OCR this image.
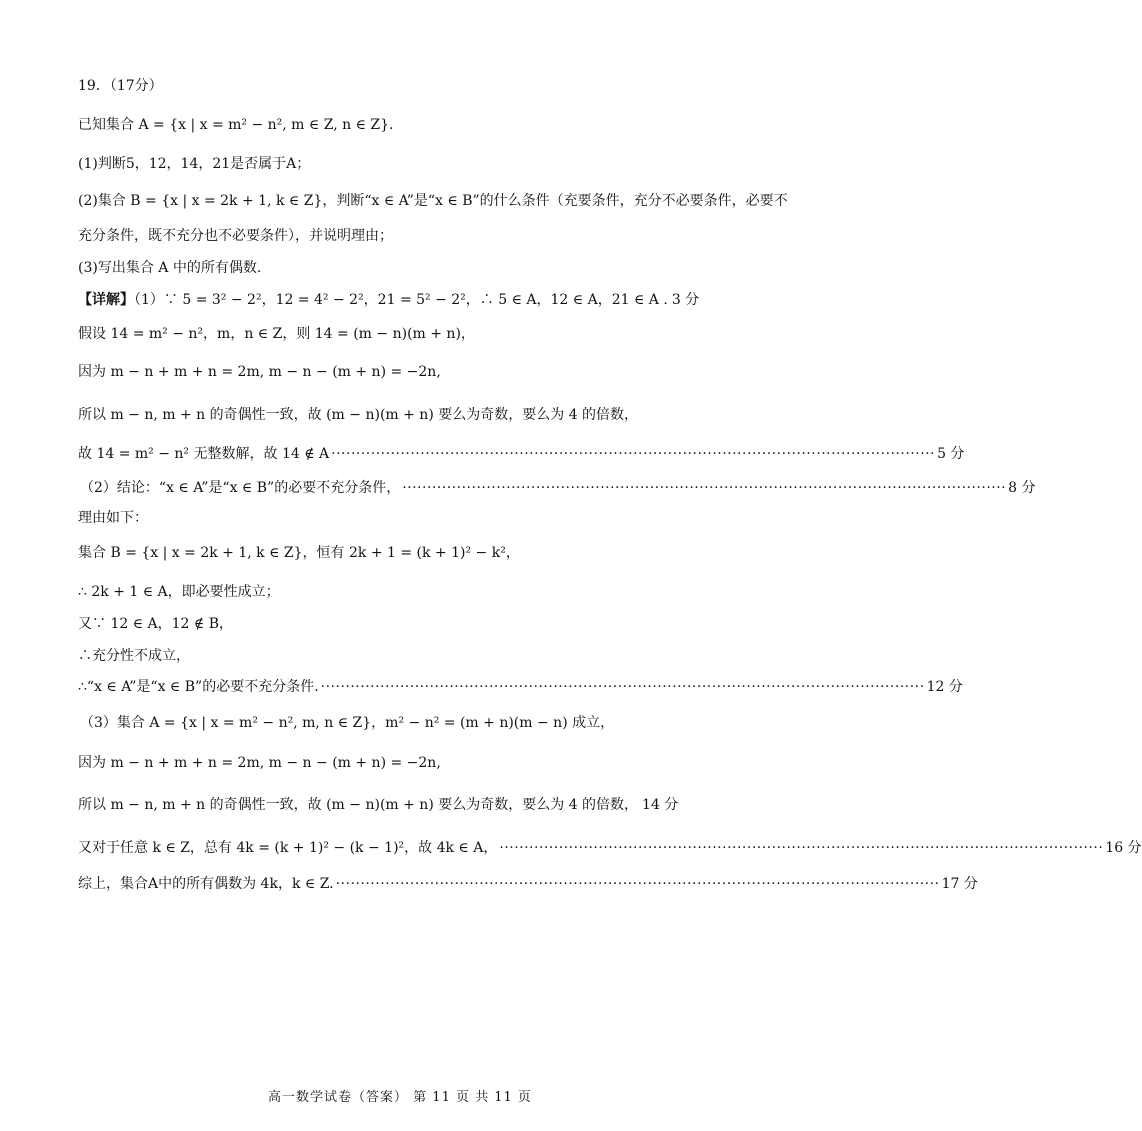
19．（17分）
已知集合 A = {x | x = m² − n², m ∈ Z, n ∈ Z}．
(1)判断5，12，14，21是否属于A；
(2)集合 B = {x | x = 2k + 1, k ∈ Z}，判断“x ∈ A”是“x ∈ B”的什么条件（充要条件，充分不必要条件，必要不
充分条件，既不充分也不必要条件），并说明理由；
(3)写出集合 A 中的所有偶数.
【详解】（1）∵ 5 = 3² − 2²，12 = 4² − 2²，21 = 5² − 2²，∴ 5 ∈ A，12 ∈ A，21 ∈ A . 3 分
假设 14 = m² − n²，m，n ∈ Z，则 14 = (m − n)(m + n)，
因为 m − n + m + n = 2m, m − n − (m + n) = −2n,
所以 m − n, m + n 的奇偶性一致，故 (m − n)(m + n) 要么为奇数，要么为 4 的倍数，
故 14 = m² − n² 无整数解，故 14 ∉ A ·························································································································· 5 分
（2）结论：“x ∈ A”是“x ∈ B”的必要不充分条件， ·························································································································· 8 分
理由如下：
集合 B = {x | x = 2k + 1, k ∈ Z}，恒有 2k + 1 = (k + 1)² − k²，
∴ 2k + 1 ∈ A，即必要性成立；
又∵ 12 ∈ A，12 ∉ B，
∴充分性不成立，
∴“x ∈ A”是“x ∈ B”的必要不充分条件. ·························································································································· 12 分
（3）集合 A = {x | x = m² − n², m, n ∈ Z}，m² − n² = (m + n)(m − n) 成立，
因为 m − n + m + n = 2m, m − n − (m + n) = −2n,
所以 m − n, m + n 的奇偶性一致，故 (m − n)(m + n) 要么为奇数，要么为 4 的倍数， 14 分
又对于任意 k ∈ Z，总有 4k = (k + 1)² − (k − 1)²，故 4k ∈ A， ·························································································································· 16 分
综上，集合A中的所有偶数为 4k，k ∈ Z. ·························································································································· 17 分
高一数学试卷（答案） 第 11 页 共 11 页
